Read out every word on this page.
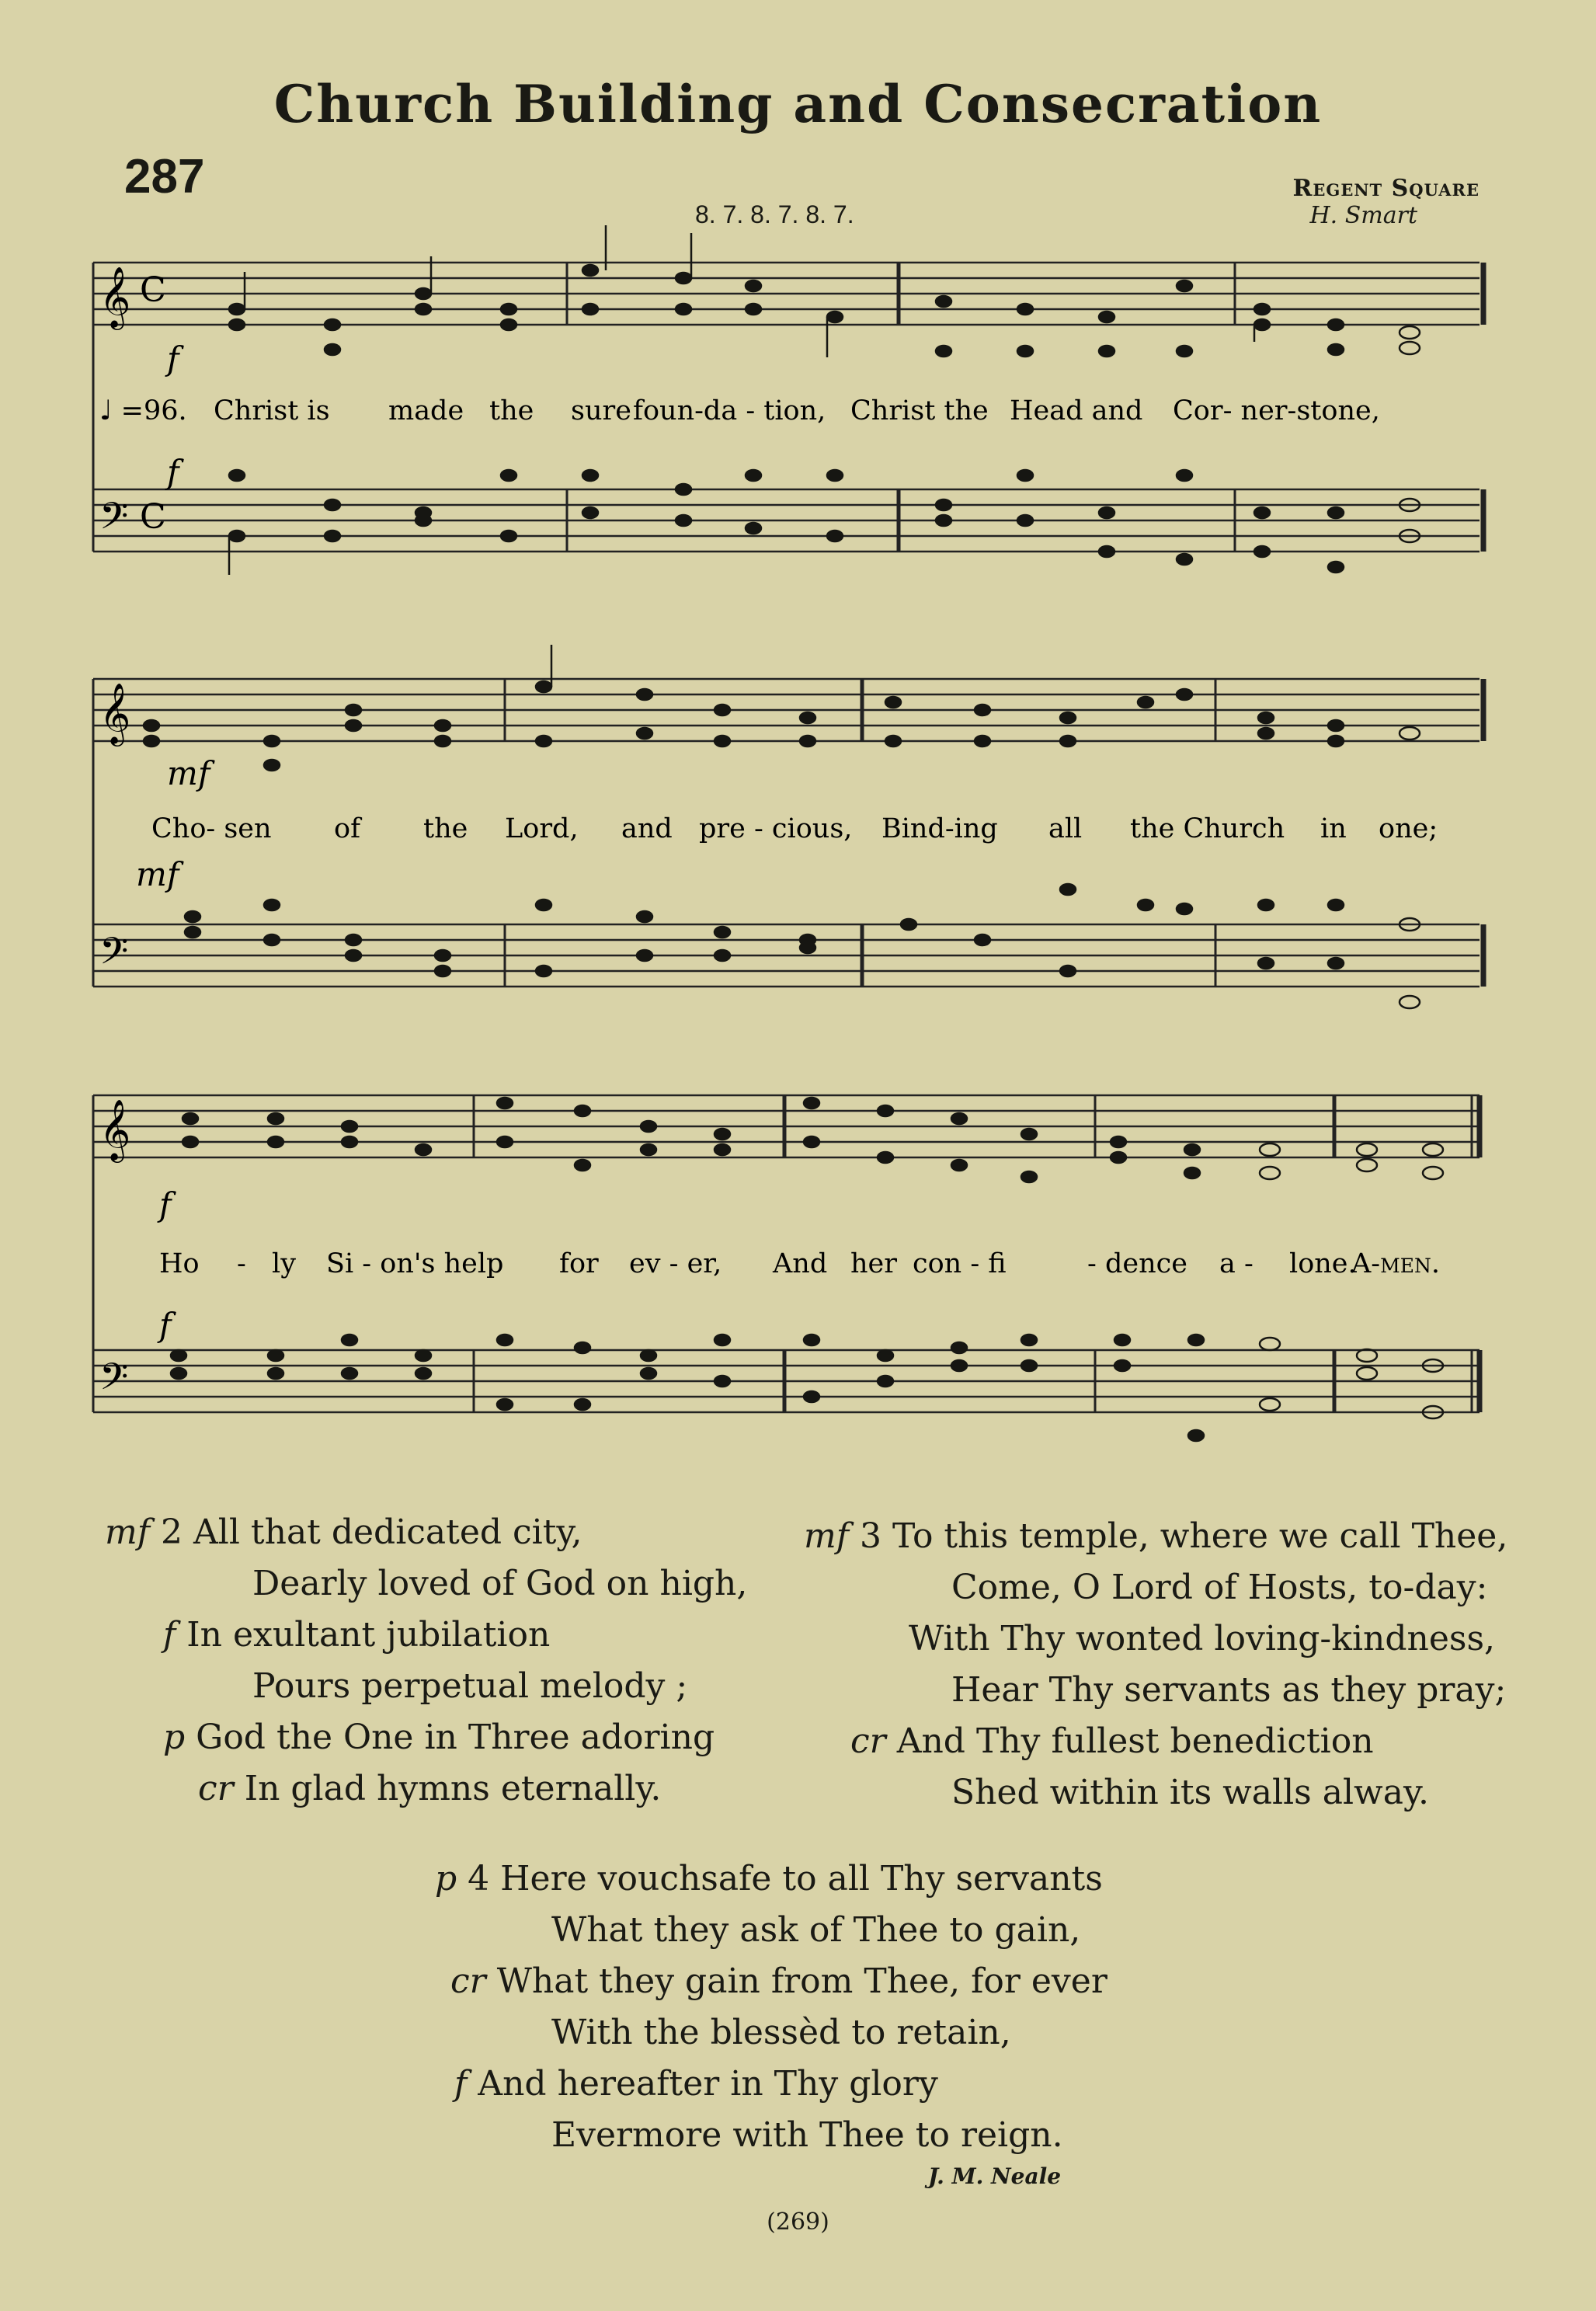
Church Building and Consecration
287
8. 7. 8. 7. 8. 7.
Regent Square
H. Smart
𝄞 C
𝄢 C
f
f
♩ =96. Christ is made the sure foun-da - tion, Christ the Head and Cor- ner-stone,
𝄞
𝄢
mf
mf
Cho- sen of the Lord, and pre - cious, Bind-ing all the Church in one;
𝄞
𝄢
f
f
Ho - ly Si - on's help for ev - er, And her con - fi	- dence a - lone.
A-men.
mf 2 All that dedicated city,
Dearly loved of God on high,
f In exultant jubilation
Pours perpetual melody ;
p God the One in Three adoring
cr In glad hymns eternally.
mf 3 To this temple, where we call Thee,
Come, O Lord of Hosts, to-day:
With Thy wonted loving-kindness,
Hear Thy servants as they pray;
cr And Thy fullest benediction
Shed within its walls alway.
p 4 Here vouchsafe to all Thy servants
What they ask of Thee to gain,
cr What they gain from Thee, for ever
With the blessèd to retain,
f And hereafter in Thy glory
Evermore with Thee to reign.
J. M. Neale
(269)
